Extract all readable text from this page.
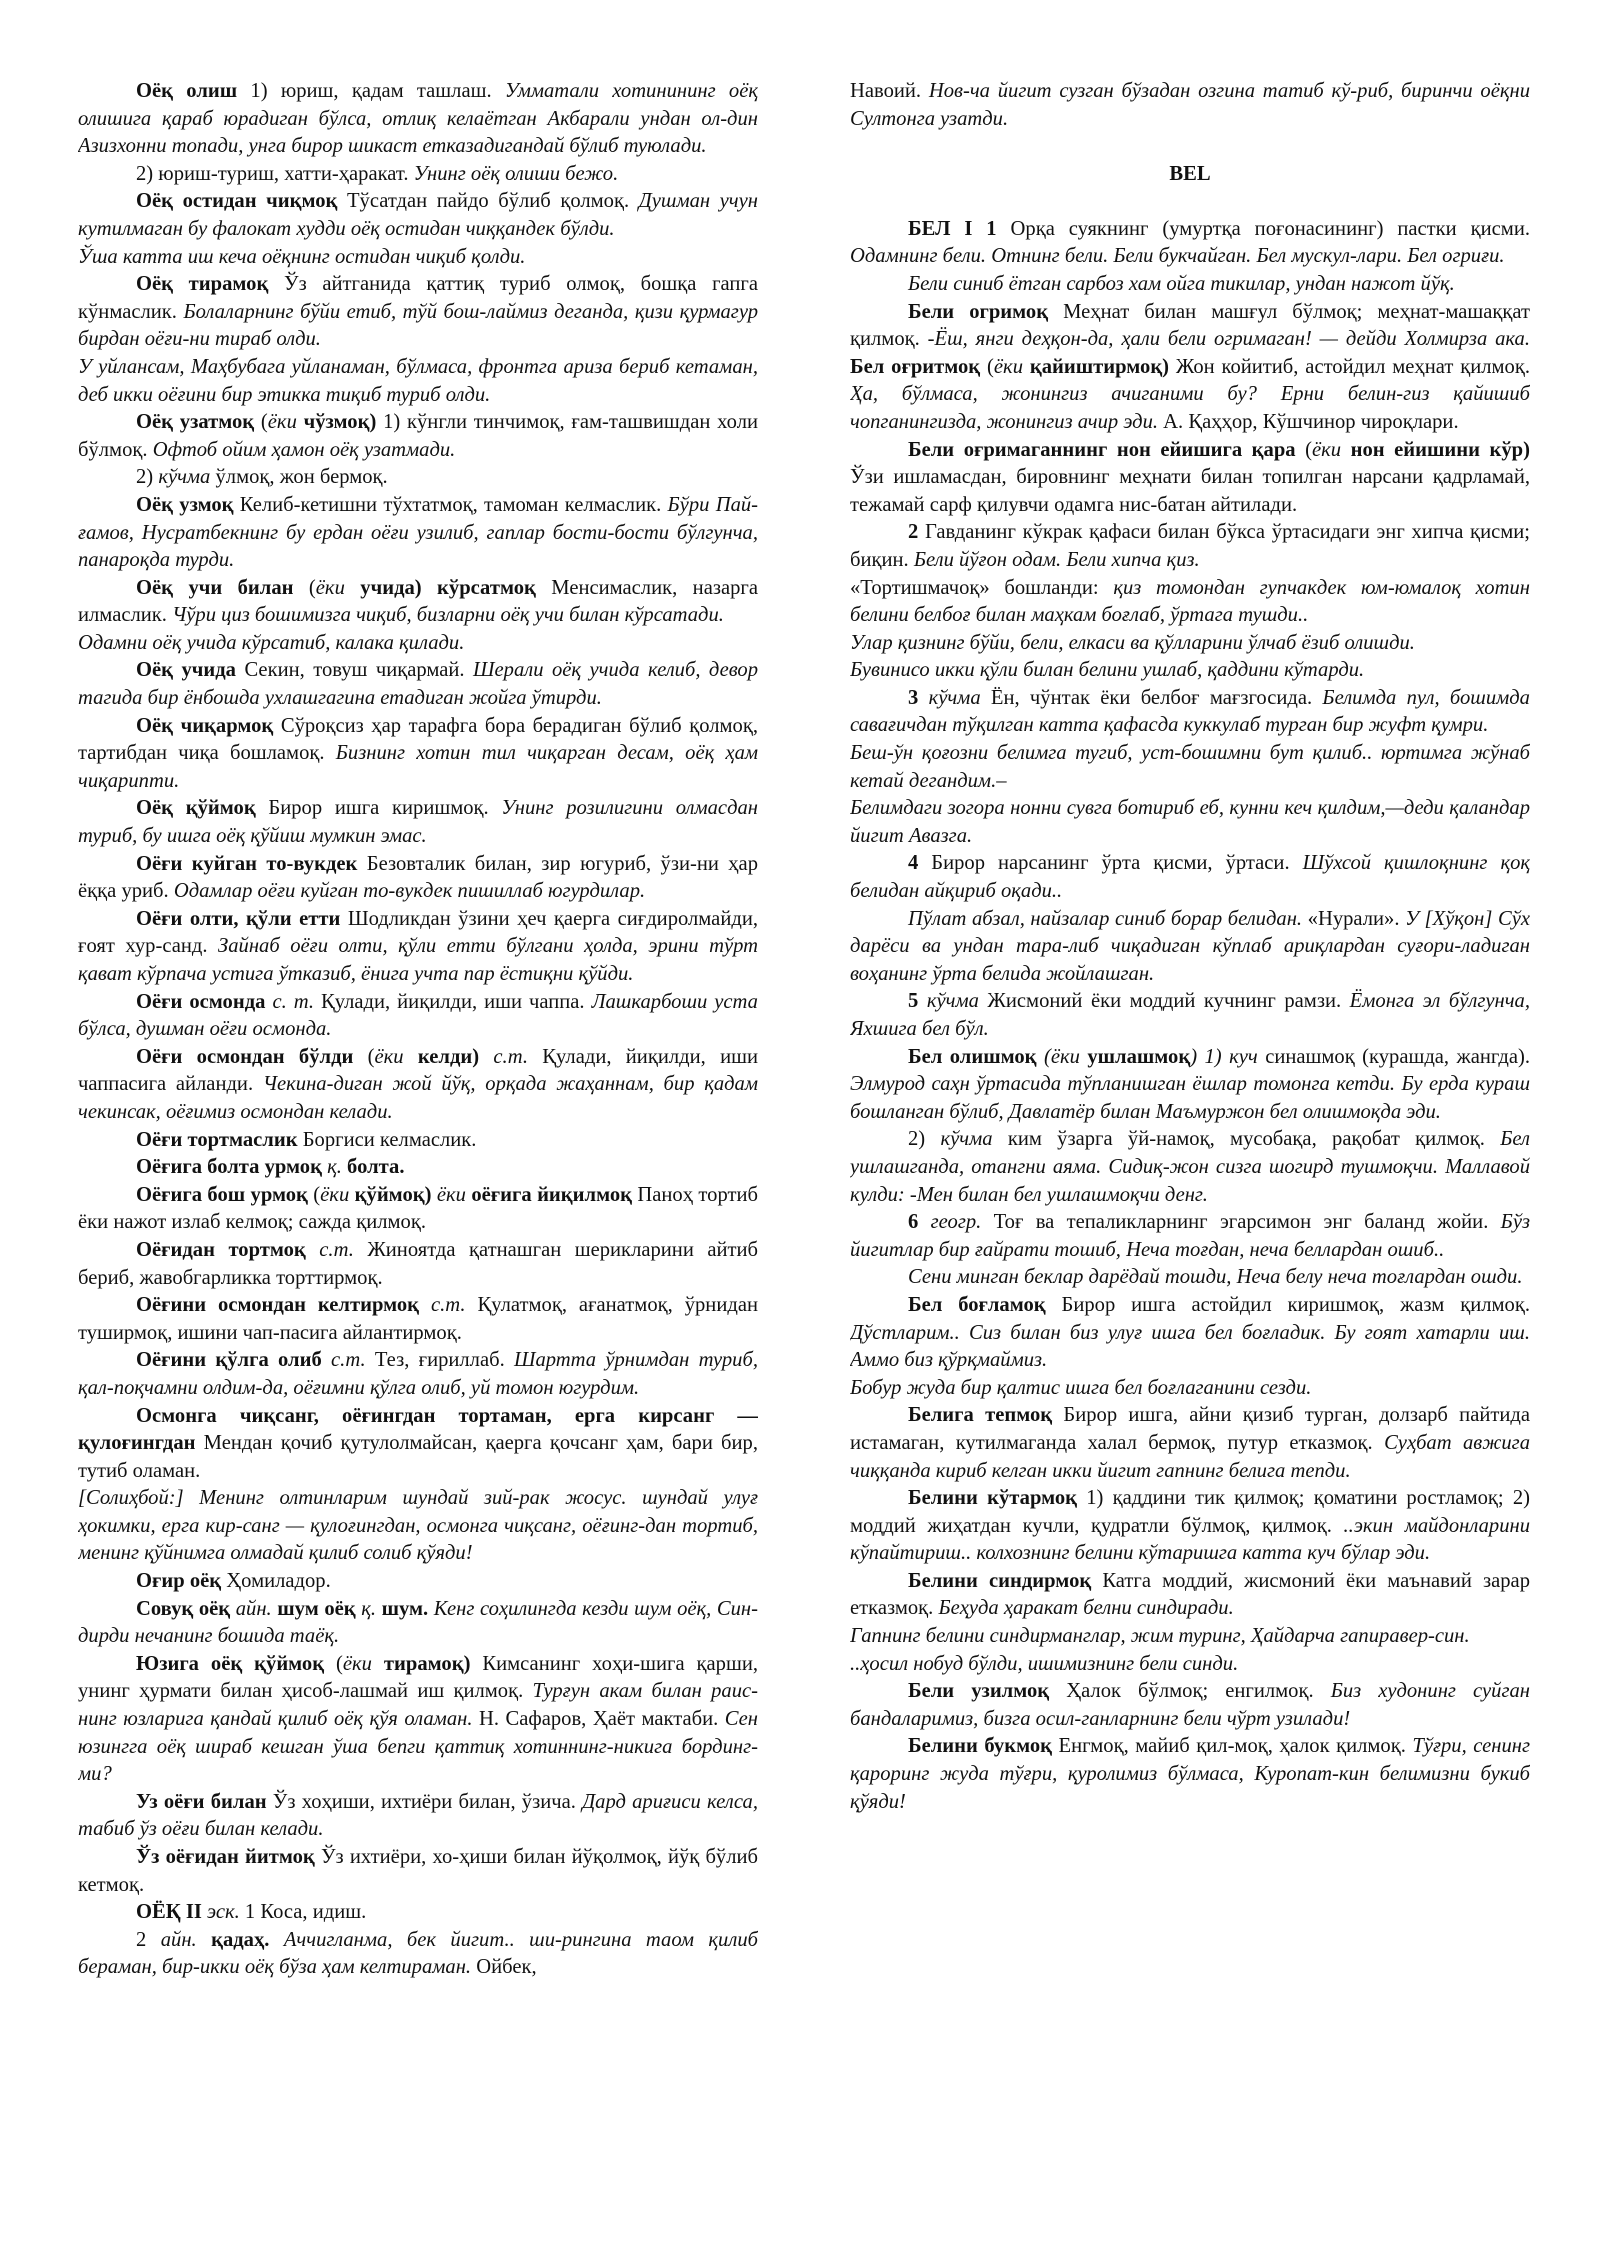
Оёқ олиш 1) юриш, қадам ташлаш. Умматали хотинининг оёқ олишига қараб юрадиган бўлса, отлиқ келаётган Акбарали ундан ол-дин Азизхонни топади, унга бирор шикаст етказадигандай бўлиб туюлади.

2) юриш-туриш, хатти-ҳаракат. Унинг оёқ олиши бежо.

Оёқ остидан чиқмоқ Тўсатдан пайдо бўлиб қолмоқ. Душман учун кутилмаган бу фалокат худди оёқ остидан чиққандек бўлди.

Ўша катта иш кеча оёқнинг остидан чиқиб қолди.

Оёқ тирамоқ Ўз айтганида қаттиқ туриб олмоқ, бошқа гапга кўнмаслик. Болаларнинг бўйи етиб, тўй бош-лаймиз деганда, қизи қурмагур бирдан оёғи-ни тираб олди.

У уйлансам, Маҳбубага уйланаман, бўлмаса, фронтга ариза бериб кетаман, деб икки оёғини бир этикка тиқиб туриб олди.

Оёқ узатмоқ (ёки чўзмоқ) 1) кўнгли тинчимоқ, ғам-ташвишдан холи бўлмоқ. Офтоб ойим ҳамон оёқ узатмади.

2) кўчма ўлмоқ, жон бермоқ.

Оёқ узмоқ Келиб-кетишни тўхтатмоқ, тамоман келмаслик. Бўри Пай-ғамов, Нусратбекнинг бу ердан оёғи узилиб, гаплар бости-бости бўлгунча, панароқда турди.

Оёқ учи билан (ёки учида) кўрсатмоқ Менсимаслик, назарга илмаслик. Чўри циз бошимизга чиқиб, бизларни оёқ учи билан кўрсатади.

Одамни оёқ учида кўрсатиб, калака қилади.

Оёқ учида Секин, товуш чиқармай. Шерали оёқ учида келиб, девор тагида бир ёнбошда ухлашгагина етадиган жойга ўтирди.

Оёқ чиқармоқ Сўроқсиз ҳар тарафга бора берадиган бўлиб қолмоқ, тартибдан чиқа бошламоқ. Бизнинг хотин тил чиқарган десам, оёқ ҳам чиқарипти.

Оёқ қўймоқ Бирор ишга киришмоқ. Унинг розилигини олмасдан туриб, бу ишга оёқ қўйиш мумкин эмас.

Оёғи куйган то-вукдек Безовталик билан, зир югуриб, ўзи-ни ҳар ёққа уриб. Одамлар оёғи куйган то-вукдек пишиллаб югурдилар.

Оёғи олти, қўли етти Шодликдан ўзини ҳеч қаерга сиғдиролмайди, ғоят хур-санд. Зайнаб оёғи олти, қўли етти бўлгани ҳолда, эрини тўрт қават кўрпача устига ўтказиб, ёнига учта пар ёстиқни қўйди.

Оёғи осмонда с. т. Қулади, йиқилди, иши чаппа. Лашкарбоши уста бўлса, душман оёғи осмонда.

Оёғи осмондан бўлди (ёки келди) с.т. Қулади, йиқилди, иши чаппасига айланди. Чекина-диган жой йўқ, орқада жаҳаннам, бир қадам чекинсак, оёғимиз осмондан келади.

Оёғи тортмаслик Боргиси келмаслик.

Оёғига болта урмоқ қ. болта.

Оёғига бош урмоқ (ёки қўймоқ) ёки оёғига йиқилмоқ Паноҳ тортиб ёки нажот излаб келмоқ; сажда қилмоқ.

Оёғидан тортмоқ с.т. Жиноятда қатнашган шерикларини айтиб бериб, жавобгарликка торттирмоқ.

Оёғини осмондан келтирмоқ с.т. Қулатмоқ, ағанатмоқ, ўрнидан туширмоқ, ишини чап-пасига айлантирмоқ.

Оёғини қўлга олиб с.т. Тез, ғириллаб. Шартта ўрнимдан туриб, қал-поқчамни олдим-да, оёғимни қўлга олиб, уй томон югурдим.

Осмонга чиқсанг, оёғингдан тортаман, ерга кирсанг — қулоғингдан Мендан қочиб қутулолмайсан, қаерга қочсанг ҳам, бари бир, тутиб оламан.

[Солиҳбой:] Менинг олтинларим шундай зий-рак жосус. шундай улуғ ҳокимки, ерга кир-санг — қулоғингдан, осмонга чиқсанг, оёғинг-дан тортиб, менинг қўйнимга олмадай қилиб солиб қўяди!

Оғир оёқ Ҳомиладор.

Совуқ оёқ айн. шум оёқ қ. шум. Кенг соҳилингда кезди шум оёқ, Син-дирди нечанинг бошида таёқ.

Юзига оёқ қўймоқ (ёки тирамоқ) Кимсанинг хоҳи-шига қарши, унинг ҳурмати билан ҳисоб-лашмай иш қилмоқ. Турғун акам билан раис-нинг юзларига қандай қилиб оёқ қўя оламан. Н. Сафаров, Ҳаёт мактаби. Сен юзингга оёқ шираб кешган ўша бепги қаттиқ хотиннинг-никига бординг-ми?

Уз оёғи билан Ўз хоҳиши, ихтиёри билан, ўзича. Дард ариғиси келса, табиб ўз оёғи билан келади.

Ўз оёғидан йитмоқ Ўз ихтиёри, хо-ҳиши билан йўқолмоқ, йўқ бўлиб кетмоқ.

ОЁҚ II эск. 1 Коса, идиш.

2 айн. қадаҳ. Аччигланма, бек йигит.. ши-рингина таом қилиб бераман, бир-икки оёқ бўза ҳам келтираман. Ойбек,

Навоий. Нов-ча йигит сузган бўзадан озгина татиб кў-риб, биринчи оёқни Султонга узатди.

BEL

БЕЛ I 1 Орқа суякнинг (умуртқа поғонасининг) пастки қисми. Одамнинг бели. Отнинг бели. Бели букчайган. Бел мускул-лари. Бел огриғи.

Бели синиб ётган сарбоз хам ойга тикилар, ундан нажот йўқ.

Бели огримоқ Меҳнат билан машғул бўлмоқ; меҳнат-машаққат қилмоқ. -Ёш, янги деҳқон-да, ҳали бели огримаган! — дейди Холмирза ака. Бел оғритмоқ (ёки қайиштирмоқ) Жон койитиб, астойдил меҳнат қилмоқ. Ҳа, бўлмаса, жонингиз ачиганими бу? Ерни белин-гиз қайишиб чопганингизда, жонингиз ачир эди. А. Қаҳҳор, Кўшчинор чироқлари.

Бели оғримаганнинг нон ейишига қара (ёки нон ейишини кўр) Ўзи ишламасдан, бировнинг меҳнати билан топилган нарсани қадрламай, тежамай сарф қилувчи одамга нис-батан айтилади.

2 Гавданинг кўкрак қафаси билан бўкса ўртасидаги энг хипча қисми; биқин. Бели йўғон одам. Бели хипча қиз.

«Тортишмачоқ» бошланди: қиз томондан гупчакдек юм-юмалоқ хотин белини белбоғ билан маҳкам боғлаб, ўртага тушди..

Улар қизнинг бўйи, бели, елкаси ва қўлларини ўлчаб ёзиб олишди.

Бувинисо икки қўли билан белини ушлаб, қаддини кўтарди.

3 кўчма Ён, чўнтак ёки белбоғ мағзгосида. Белимда пул, бошимда савағичдан тўқилган катта қафасда куккулаб турган бир жуфт қумри.

Беш-ўн қоғозни белимга тугиб, уст-бошимни бут қилиб.. юртимга жўнаб кетай дегандим.–

Белимдаги зогора нонни сувга ботириб еб, кунни кеч қилдим,—деди қаландар йигит Авазга.

4 Бирор нарсанинг ўрта қисми, ўртаси. Шўхсой қишлоқнинг қоқ белидан айқириб оқади..

Пўлат абзал, найзалар синиб борар белидан. «Нурали». У [Хўқон] Сўх дарёси ва ундан тара-либ чиқадиган кўплаб ариқлардан суғори-ладиган воҳанинг ўрта белида жойлашган.

5 кўчма Жисмоний ёки моддий кучнинг рамзи. Ёмонга эл бўлгунча, Яхшига бел бўл.

Бел олишмоқ (ёки ушлашмоқ) 1) куч синашмоқ (курашда, жангда). Элмурод саҳн ўртасида тўпланишган ёшлар томонга кетди. Бу ерда кураш бошланган бўлиб, Давлатёр билан Маъмуржон бел олишмоқда эди.

2) кўчма ким ўзарга ўй-намоқ, мусобақа, рақобат қилмоқ. Бел ушлашганда, отангни аяма. Сидиқ-жон сизга шогирд тушмоқчи. Маллавой кулди: -Мен билан бел ушлашмоқчи денг.

6 геогр. Тоғ ва тепаликларнинг эгарсимон энг баланд жойи. Бўз йигитлар бир ғайрати тошиб, Неча тоғдан, неча беллардан ошиб..

Сени минган беклар дарёдай тошди, Неча белу неча тоғлардан ошди.

Бел боғламоқ Бирор ишга астойдил киришмоқ, жазм қилмоқ. Дўстларим.. Сиз билан биз улуғ ишга бел боғладик. Бу гоят хатарли иш. Аммо биз қўрқмаймиз.

Бобур жуда бир қалтис ишга бел боғлаганини сезди.

Белига тепмоқ Бирор ишга, айни қизиб турган, долзарб пайтида истамаган, кутилмаганда халал бермоқ, путур етказмоқ. Суҳбат авжига чиққанда кириб келган икки йигит гапнинг белига тепди.

Белини кўтармоқ 1) қаддини тик қилмоқ; қоматини ростламоқ; 2) моддий жиҳатдан кучли, қудратли бўлмоқ, қилмоқ. ..экин майдонларини кўпайтириш.. колхознинг белини кўтаришга катта куч бўлар эди.

Белини синдирмоқ Катга моддий, жисмоний ёки маънавий зарар етказмоқ. Беҳуда ҳаракат белни синдиради.

Гапнинг белини синдирманглар, жим туринг, Ҳайдарча гапиравер-син.

..ҳосил нобуд бўлди, ишимизнинг бели синди.

Бели узилмоқ Ҳалок бўлмоқ; енгилмоқ. Биз худонинг суйган бандаларимиз, бизга осил-ганларнинг бели чўрт узилади!

Белини букмоқ Енгмоқ, майиб қил-моқ, ҳалок қилмоқ. Тўғри, сенинг қароринг жуда тўғри, қуролимиз бўлмаса, Куропат-кин белимизни букиб қўяди!
